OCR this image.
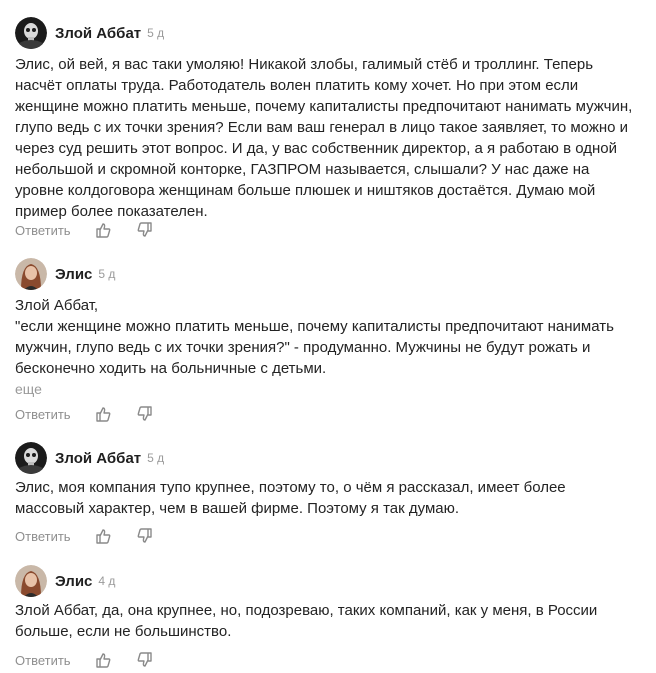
Злой Аббат 5 д

Элис, ой вей, я вас таки умоляю! Никакой злобы, галимый стёб и троллинг. Теперь насчёт оплаты труда. Работодатель волен платить кому хочет. Но при этом если женщине можно платить меньше, почему капиталисты предпочитают нанимать мужчин, глупо ведь с их точки зрения? Если вам ваш генерал в лицо такое заявляет, то можно и через суд решить этот вопрос. И да, у вас собственник директор, а я работаю в одной небольшой и скромной конторке, ГАЗПРОМ называется, слышали? У нас даже на уровне колдоговора женщинам больше плюшек и ништяков достаётся. Думаю мой пример более показателен.

Ответить
Элис 5 д

Злой Аббат,

"если женщине можно платить меньше, почему капиталисты предпочитают нанимать мужчин, глупо ведь с их точки зрения?" - продуманно. Мужчины не будут рожать и бесконечно ходить на больничные с детьми.

еще
Ответить
Злой Аббат 5 д

Элис, моя компания тупо крупнее, поэтому то, о чём я рассказал, имеет более массовый характер, чем в вашей фирме. Поэтому я так думаю.

Ответить
Элис 4 д

Злой Аббат, да, она крупнее, но, подозреваю, таких компаний, как у меня, в России больше, если не большинство.

Ответить
